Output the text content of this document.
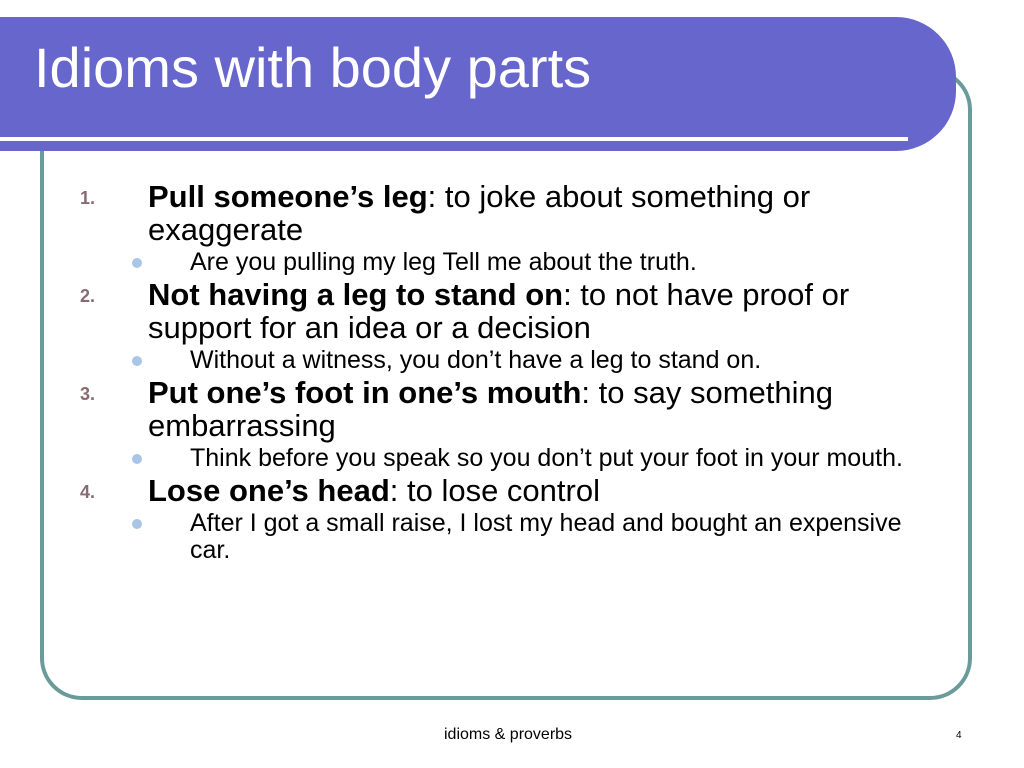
Idioms with body parts
1. Pull someone’s leg: to joke about something or exaggerate
Are you pulling my leg Tell me about the truth.
2. Not having a leg to stand on: to not have proof or support for an idea or a decision
Without a witness, you don’t have a leg to stand on.
3. Put one’s foot in one’s mouth: to say something embarrassing
Think before you speak so you don’t put your foot in your mouth.
4. Lose one’s head: to lose control
After I got a small raise, I lost my head and bought an expensive car.
idioms & proverbs	4
